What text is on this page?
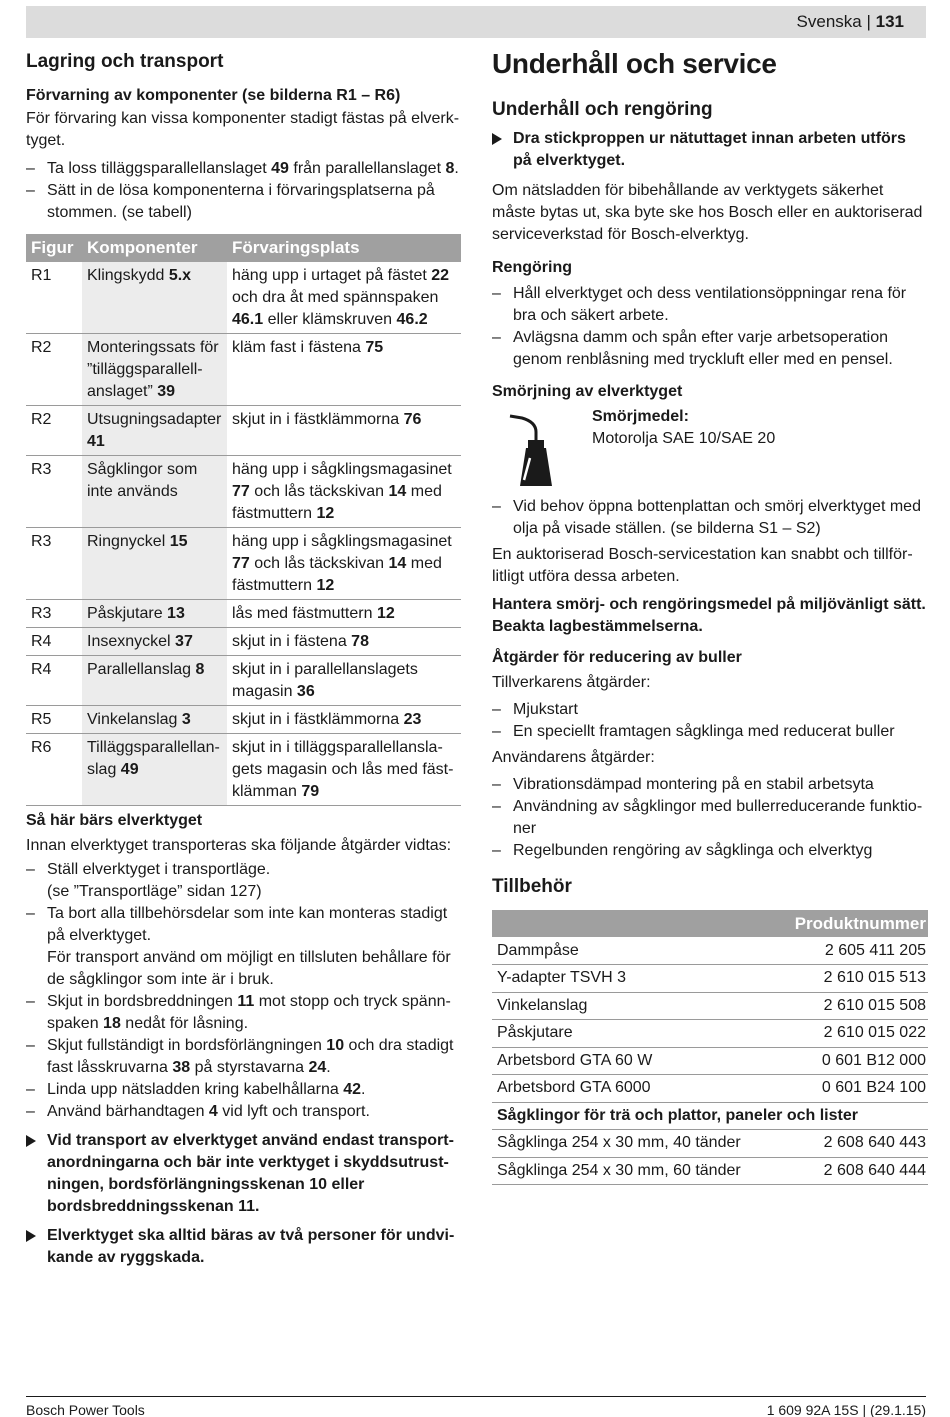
Svenska | 131
Lagring och transport
Förvarning av komponenter (se bilderna R1 – R6)

För förvaring kan vissa komponenter stadigt fästas på elverktyget.

– Ta loss tilläggsparallellanslaget 49 från parallellanslaget 8.
– Sätt in de lösa komponenterna i förvaringsplatserna på stommen. (se tabell)
Figur	Komponenter	Förvaringsplats
R1	Klingskydd 5.x	häng upp i urtaget på fästet 22 och dra åt med spännspaken 46.1 eller klämskruven 46.2
R2	Monteringssats för ”tilläggsparallellanslaget” 39	kläm fast i fästena 75
R2	Utsugningsadapter 41	skjut in i fästklämmorna 76
R3	Sågklingor som inte används	häng upp i sågklingsmagasinet 77 och lås täckskivan 14 med fästmuttern 12
R3	Ringnyckel 15	häng upp i sågklingsmagasinet 77 och lås täckskivan 14 med fästmuttern 12
R3	Påskjutare 13	lås med fästmuttern 12
R4	Insexnyckel 37	skjut in i fästena 78
R4	Parallellanslag 8	skjut in i parallellanslagets magasin 36
R5	Vinkelanslag 3	skjut in i fästklämmorna 23
R6	Tilläggsparallellanslag 49	skjut in i tilläggsparallellanslagets magasin och lås med fästklämman 79
Så här bärs elverktyget

Innan elverktyget transporteras ska följande åtgärder vidtas:

– Ställ elverktyget i transportläge.
(se ”Transportläge” sidan 127)
– Ta bort alla tillbehörsdelar som inte kan monteras stadigt på elverktyget.
För transport använd om möjligt en tillsluten behållare för de sågklingor som inte är i bruk.
– Skjut in bordsbreddningen 11 mot stopp och tryck spännspaken 18 nedåt för låsning.
– Skjut fullständigt in bordsförlängningen 10 och dra stadigt fast låsskruvarna 38 på styrstavarna 24.
– Linda upp nätsladden kring kabelhållarna 42.
– Använd bärhandtagen 4 vid lyft och transport.
Vid transport av elverktyget använd endast transportanordningarna och bär inte verktyget i skyddsutrustningen, bordsförlängningsskenan 10 eller bordsbreddningsskenan 11.
Elverktyget ska alltid bäras av två personer för undvikande av ryggskada.
Underhåll och service
Underhåll och rengöring
Dra stickproppen ur nätuttaget innan arbeten utförs på elverktyget.

Om nätsladden för bibehållande av verktygets säkerhet måste bytas ut, ska byte ske hos Bosch eller en auktoriserad serviceverkstad för Bosch-elverktyg.

Rengöring
– Håll elverktyget och dess ventilationsöppningar rena för bra och säkert arbete.
– Avlägsna damm och spån efter varje arbetsoperation genom renblåsning med tryckluft eller med en pensel.
Smörjning av elverktyget
Smörjmedel:
Motorolja SAE 10/SAE 20
– Vid behov öppna bottenplattan och smörj elverktyget med olja på visade ställen. (se bilderna S1 – S2)

En auktoriserad Bosch-servicestation kan snabbt och tillförlitligt utföra dessa arbeten.

Hantera smörj- och rengöringsmedel på miljövänligt sätt. Beakta lagbestämmelserna.

Åtgärder för reducering av buller

Tillverkarens åtgärder:

– Mjukstart
– En speciellt framtagen sågklinga med reducerat buller

Användarens åtgärder:

– Vibrationsdämpad montering på en stabil arbetsyta
– Användning av sågklingor med bullerreducerande funktioner
– Regelbunden rengöring av sågklinga och elverktyg
Tillbehör
Produktnummer	
Dammpåse	2 605 411 205
Y-adapter TSVH 3	2 610 015 513
Vinkelanslag	2 610 015 508
Påskjutare	2 610 015 022
Arbetsbord GTA 60 W	0 601 B12 000
Arbetsbord GTA 6000	0 601 B24 100
Sågklingor för trä och plattor, paneler och lister	
Sågklinga 254 x 30 mm, 40 tänder	2 608 640 443
Sågklinga 254 x 30 mm, 60 tänder	2 608 640 444
Bosch Power Tools	1 609 92A 15S | (29.1.15)
